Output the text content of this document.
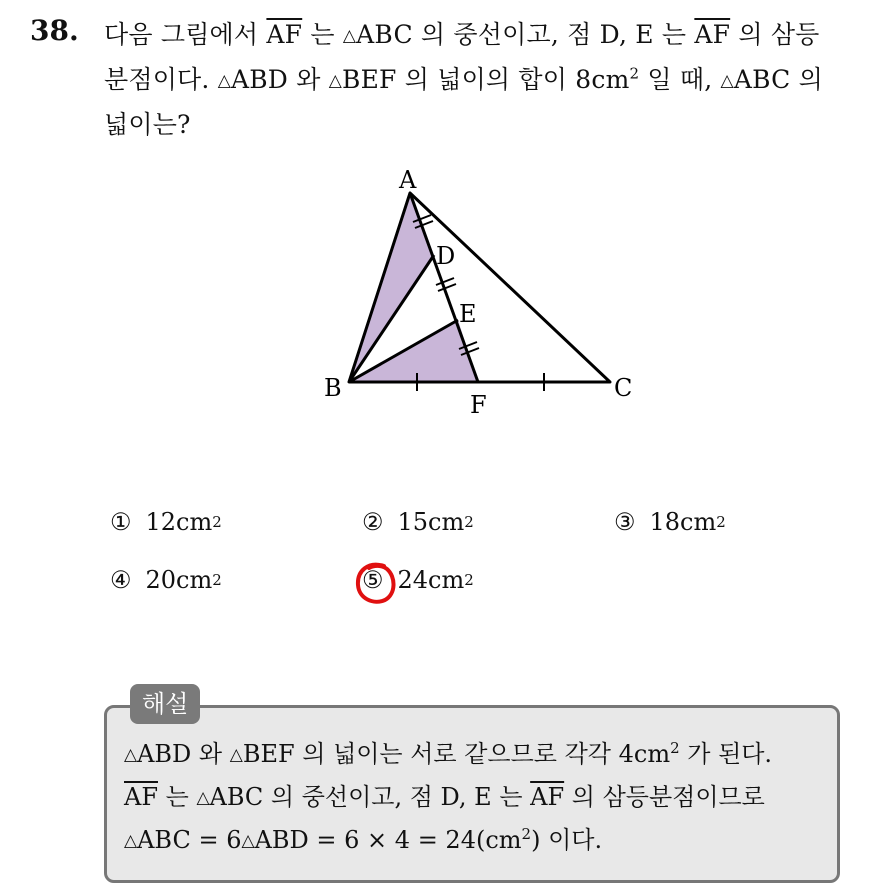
38. 다음 그림에서 $\overline{AF}$ 는 △ABC 의 중선이고, 점 D, E 는 $\overline{AF}$ 의 삼등
분점이다. △ABD 와 △BEF 의 넓이의 합이 $8cm^2$ 일 때, △ABC 의
넓이는?
A
B	C
D
E
F
① 12cm 2	② 15cm 2	③ 18cm 2
④ 20cm 2	⑤ 24cm 2
해설
△ABD 와 △BEF 의 넓이는 서로 같으므로 각각 $4cm^2$ 가 된다.
$\overline{AF}$ 는 △ABC 의 중선이고, 점 D, E 는 $\overline{AF}$ 의 삼등분점이므로
△ABC = 6△ABD = $6 \times 4 = 24(cm^2)$ 이다.
